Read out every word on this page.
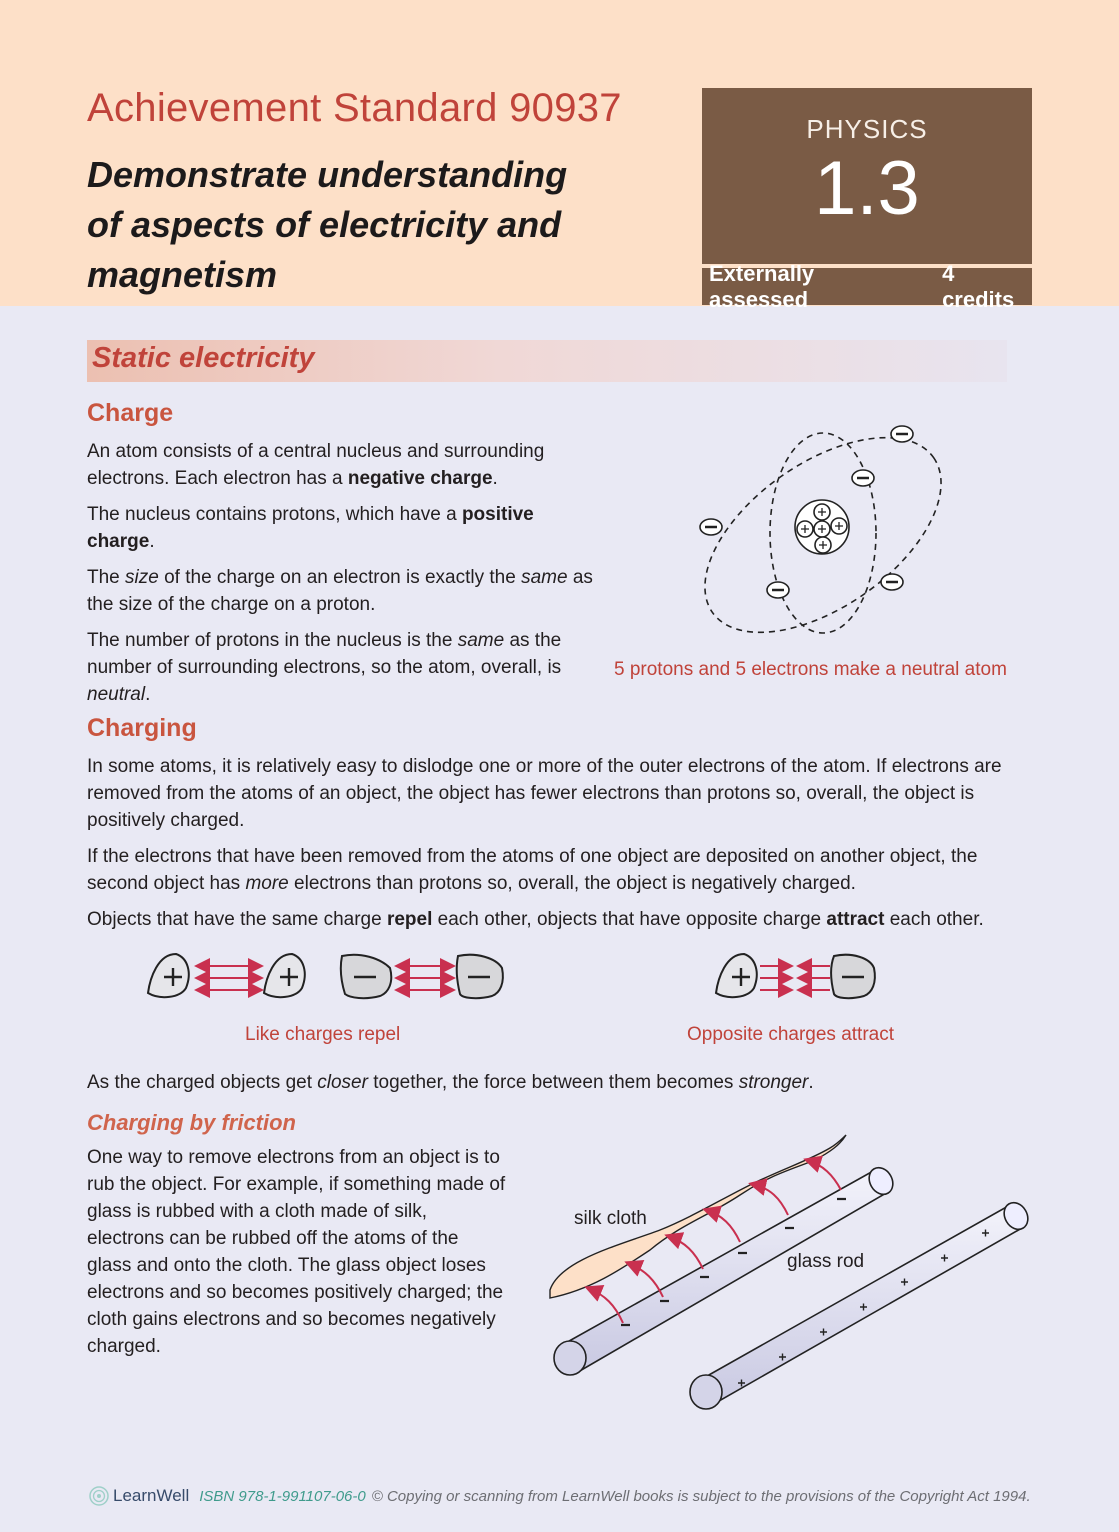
Achievement Standard 90937
Demonstrate understanding
of aspects of electricity and
magnetism
PHYSICS
1.3
Externally assessed
4 credits
Static electricity
Charge
An atom consists of a central nucleus and surrounding electrons. Each electron has a negative charge.
The nucleus contains protons, which have a positive charge.
The size of the charge on an electron is exactly the same as the size of the charge on a proton.
The number of protons in the nucleus is the same as the number of surrounding electrons, so the atom, overall, is neutral.
5 protons and 5 electrons make a neutral atom
Charging
In some atoms, it is relatively easy to dislodge one or more of the outer electrons of the atom. If electrons are removed from the atoms of an object, the object has fewer electrons than protons so, overall, the object is positively charged.
If the electrons that have been removed from the atoms of one object are deposited on another object, the second object has more electrons than protons so, overall, the object is negatively charged.
Objects that have the same charge repel each other, objects that have opposite charge attract each other.
Like charges repel	Opposite charges attract
As the charged objects get closer together, the force between them becomes stronger.
Charging by friction
One way to remove electrons from an object is to rub the object. For example, if something made of glass is rubbed with a cloth made of silk, electrons can be rubbed off the atoms of the glass and onto the cloth. The glass object loses electrons and so becomes positively charged; the cloth gains electrons and so becomes negatively charged.
silk cloth
glass rod
LearnWell ISBN 978-1-991107-06-0 © Copying or scanning from LearnWell books is subject to the provisions of the Copyright Act 1994.
